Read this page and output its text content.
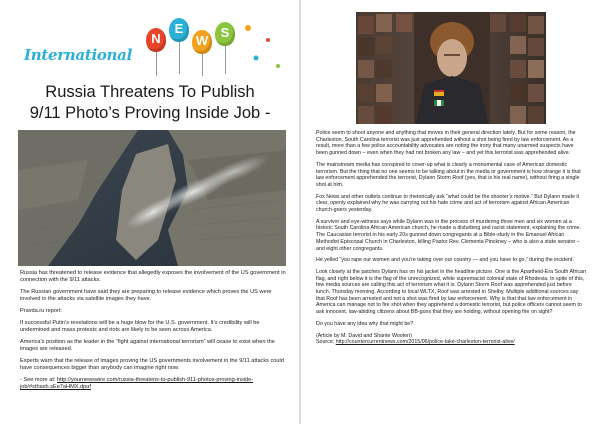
International
N
E
W
S
Russia Threatens To Publish
9/11 Photo’s Proving Inside Job -

Russia has threatened to release evidence that allegedly exposes the involvement of the US government in connection with the 9/11 attacks.

The Russian government have said they are preparing to release evidence which proves the US were involved in the attacks via satellite images they have.

Pravda.ru report:

If successful Putin’s revelations will be a huge blow for the U.S. government. It’s credibility will be undermined and mass protests and riots are likely to be seen across America.

America’s position as the leader in the “fight against international terrorism” will cease to exist when the images are released.

Experts warn that the release of images proving the US governments involvement in the 9/11 attacks could have consequences bigger than anybody can imagine right now.

- See more at: http://yournewswire.com/russia-threatens-to-publish-911-photos-proving-inside-job/#sthash.sEe7aHMX.dpuf

Police seem to shoot anyone and anything that moves in their general direction lately. But for some reason, the Charleston, South Carolina terrorist was just apprehended without a shot being fired by law enforcement. As a result, more than a few police accountability advocates are noting the irony that many unarmed suspects have been gunned down – even when they had not broken any law – and yet this terrorist was apprehended alive.

The mainstream media has conspired to cover-up what is clearly a monumental case of American domestic terrorism. But the thing that no one seems to be talking about in the media or government is how strange it is that law enforcement apprehended the terrorist, Dylann Storm Roof (yes, that is his real name), without firing a single shot at him.

Fox News and other outlets continue to rhetorically ask “what could be the shooter’s motive.” But Dylann made it clear, openly explained why he was carrying out his hate crime and act of terrorism against African American church-goers yesterday.

A survivor and eye-witness says while Dylann was in the process of murdering three men and six women at a historic South Carolina African American church, he made a disturbing and racist statement, explaining the crime. The Caucasian terrorist in his early 20s gunned down congregants at a Bible-study in the Emanuel African Methodist Episcopal Church in Charleston, killing Pastor Rev. Clementa Pinckney – who is also a state senator – and eight other congregants.

He yelled “you rape our women and you’re taking over our country — and you have to go,” during the incident.

Look closely at the patches Dylann has on his jacket in the headline picture. One is the Apartheid-Era South African flag, and right below it is the flag of the unrecognized, white supremacist colonial state of Rhodesia. In spite of this, few media sources are calling this act of terrorism what it is. Dylann Storm Roof was apprehended just before lunch, Thursday morning. According to local WLTX, Roof was arrested in Shelby. Multiple additional sources say that Roof has been arrested and not a shot was fired by law enforcement. Why is that that law enforcement in America can manage not to fire shot when they apprehend a domestic terrorist, but police officers cannot seem to ask innocent, law-abiding citizens about BB-guns that they are holding, without opening fire on sight?

Do you have any idea why that might be?

(Article by M. David and Shante Wooten)
Source: http://countercurrentnews.com/2015/06/police-take-charleston-terrorist-alive/
